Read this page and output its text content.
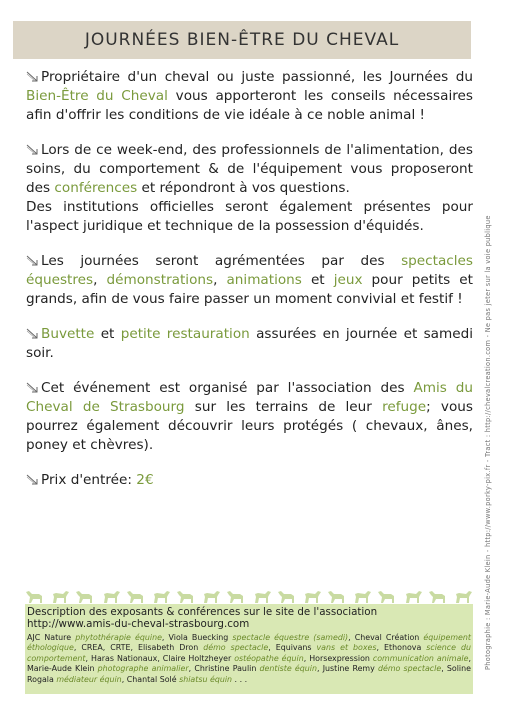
JOURNÉES BIEN-ÊTRE DU CHEVAL

Propriétaire d'un cheval ou juste passionné, les Journées du Bien-Être du Cheval vous apporteront les conseils nécessaires afin d'offrir les conditions de vie idéale à ce noble animal !

Lors de ce week-end, des professionnels de l'alimentation, des soins, du comportement & de l'équipement vous proposeront des conférences et répondront à vos questions.

Des institutions officielles seront également présentes pour l'aspect juridique et technique de la possession d'équidés.

Les journées seront agrémentées par des spectacles équestres, démonstrations, animations et jeux pour petits et grands, afin de vous faire passer un moment convivial et festif !

Buvette et petite restauration assurées en journée et samedi soir.

Cet événement est organisé par l'association des Amis du Cheval de Strasbourg sur les terrains de leur refuge; vous pourrez également découvrir leurs protégés ( chevaux, ânes, poney et chèvres).

Prix d'entrée: 2€	Photographie : Marie-Aude Klein - http://www.porky-pix.fr - Tract : http://chevalcreation.com - Ne pas jeter sur la voie publique
Description des exposants & conférences sur le site de l'association
http://www.amis-du-cheval-strasbourg.com
AJC Nature phytothérapie équine, Viola Buecking spectacle équestre (samedi), Cheval Création équipement éthologique, CREA, CRTE, Elisabeth Dron démo spectacle, Equivans vans et boxes, Ethonova science du comportement, Haras Nationaux, Claire Holtzheyer ostéopathe équin, Horsexpression communication animale, Marie-Aude Klein photographe animalier, Christine Paulin dentiste équin, Justine Remy démo spectacle, Soline Rogala médiateur équin, Chantal Solé shiatsu équin . . .
